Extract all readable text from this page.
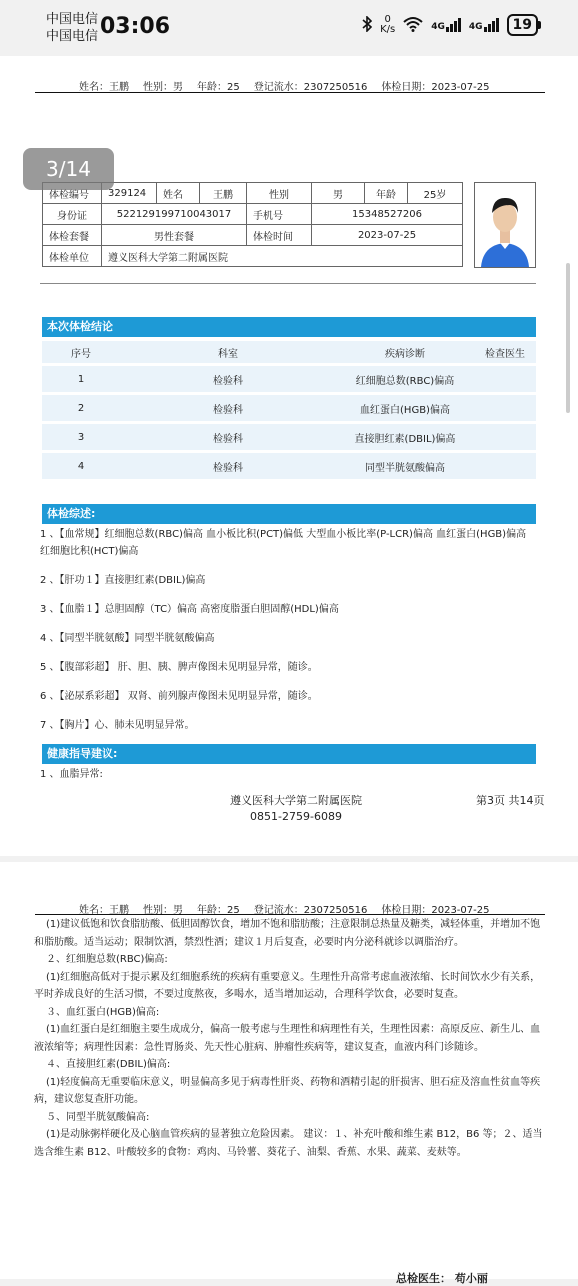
中国电信
中国电信 03:06	0
K/s	4G	4G	19
姓名：王鹏 性别：男 年龄：25 登记流水：2307250516 体检日期：2023-07-25
3/14
体检编号	329124	姓名	王鹏	性别	男	年龄	25岁
身份证	522129199710043017			手机号	15348527206		
体检套餐	男性套餐			体检时间	2023-07-25		
体检单位	遵义医科大学第二附属医院						
本次体检结论
序号	科室	疾病诊断	检查医生
1	检验科	红细胞总数(RBC)偏高	
2	检验科	血红蛋白(HGB)偏高	
3	检验科	直接胆红素(DBIL)偏高	
4	检验科	同型半胱氨酸偏高	
体检综述:

1 、【血常规】红细胞总数(RBC)偏高 血小板比积(PCT)偏低 大型血小板比率(P-LCR)偏高 血红蛋白(HGB)偏高 红细胞比积(HCT)偏高

2 、【肝功１】直接胆红素(DBIL)偏高

3 、【血脂１】总胆固醇（TC）偏高 高密度脂蛋白胆固醇(HDL)偏高

4 、【同型半胱氨酸】同型半胱氨酸偏高

5 、【腹部彩超】 肝、胆、胰、脾声像图未见明显异常，随诊。

6 、【泌尿系彩超】 双肾、前列腺声像图未见明显异常，随诊。

7 、【胸片】心、肺未见明显异常。

健康指导建议:
1 、血脂异常:
遵义医科大学第二附属医院
0851-2759-6089
第3页 共14页
姓名：王鹏 性别：男 年龄：25 登记流水：2307250516 体检日期：2023-07-25

(1)建议低饱和饮食脂肪酸、低胆固醇饮食，增加不饱和脂肪酸；注意限制总热量及糖类，减轻体重，并增加不饱和脂肪酸。适当运动；限制饮酒，禁烈性酒；建议１月后复查，必要时内分泌科就诊以调脂治疗。

２、红细胞总数(RBC)偏高:

(1)红细胞高低对于提示累及红细胞系统的疾病有重要意义。生理性升高常考虑血液浓缩、长时间饮水少有关系，平时养成良好的生活习惯，不要过度熬夜，多喝水，适当增加运动，合理科学饮食，必要时复查。

３、血红蛋白(HGB)偏高:

(1)血红蛋白是红细胞主要生成成分，偏高一般考虑与生理性和病理性有关，生理性因素：高原反应、新生儿、血液浓缩等；病理性因素：急性胃肠炎、先天性心脏病、肿瘤性疾病等，建议复查，血液内科门诊随诊。

４、直接胆红素(DBIL)偏高:

(1)轻度偏高无重要临床意义，明显偏高多见于病毒性肝炎、药物和酒精引起的肝损害、胆石症及溶血性贫血等疾病，建议您复查肝功能。

５、同型半胱氨酸偏高:

(1)是动脉粥样硬化及心脑血管疾病的显著独立危险因素。 建议：１、补充叶酸和维生素 B12，B6 等；２、适当选含维生素 B12、叶酸较多的食物：鸡肉、马铃薯、葵花子、油梨、香蕉、水果、蔬菜、麦麸等。

总检医生： 苟小丽
